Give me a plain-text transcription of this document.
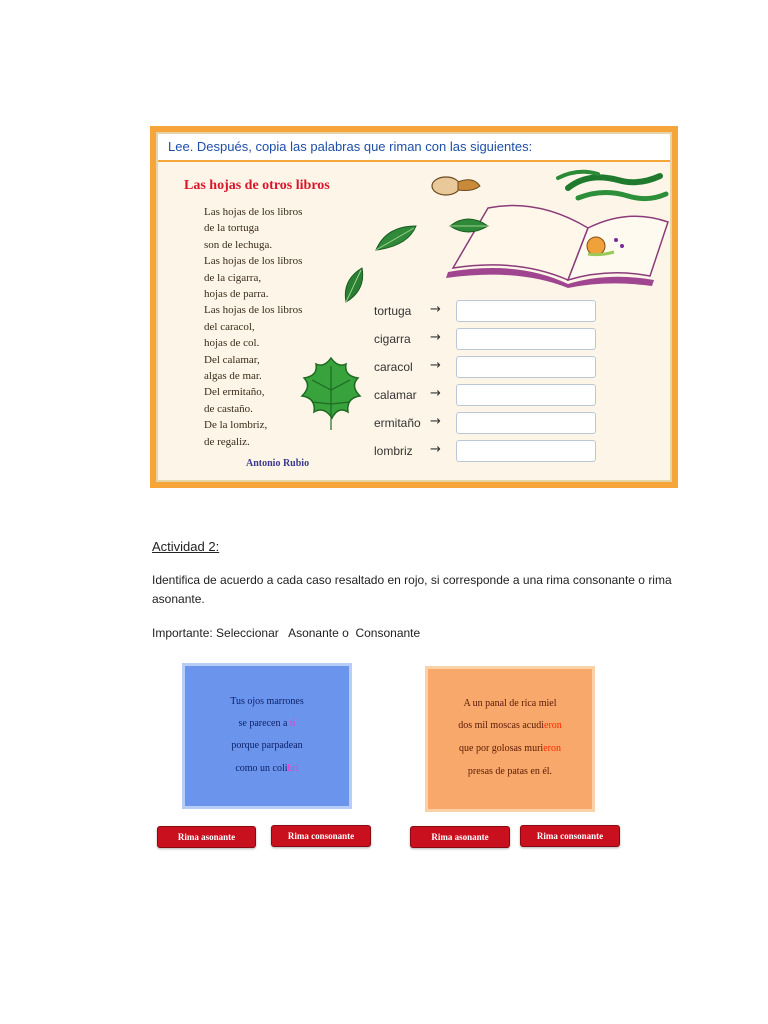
Lee. Después, copia las palabras que riman con las siguientes:
Las hojas de otros libros
Las hojas de los libros
de la tortuga
son de lechuga.
Las hojas de los libros
de la cigarra,
hojas de parra.
Las hojas de los libros
del caracol,
hojas de col.
Del calamar,
algas de mar.
Del ermitaño,
de castaño.
De la lombriz,
de regaliz.
Antonio Rubio
tortuga →
cigarra →
caracol →
calamar →
ermitaño →
lombriz →
Actividad 2:
Identifica de acuerdo a cada caso resaltado en rojo, si corresponde a una rima consonante o rima asonante.
Importante: Seleccionar   Asonante o  Consonante
Tus ojos marrones
se parecen a ti
porque parpadean
como un colibrí
A un panal de rica miel
dos mil moscas acudieron
que por golosas murieron
presas de patas en él.
Rima asonante	Rima consonante	Rima asonante	Rima consonante
